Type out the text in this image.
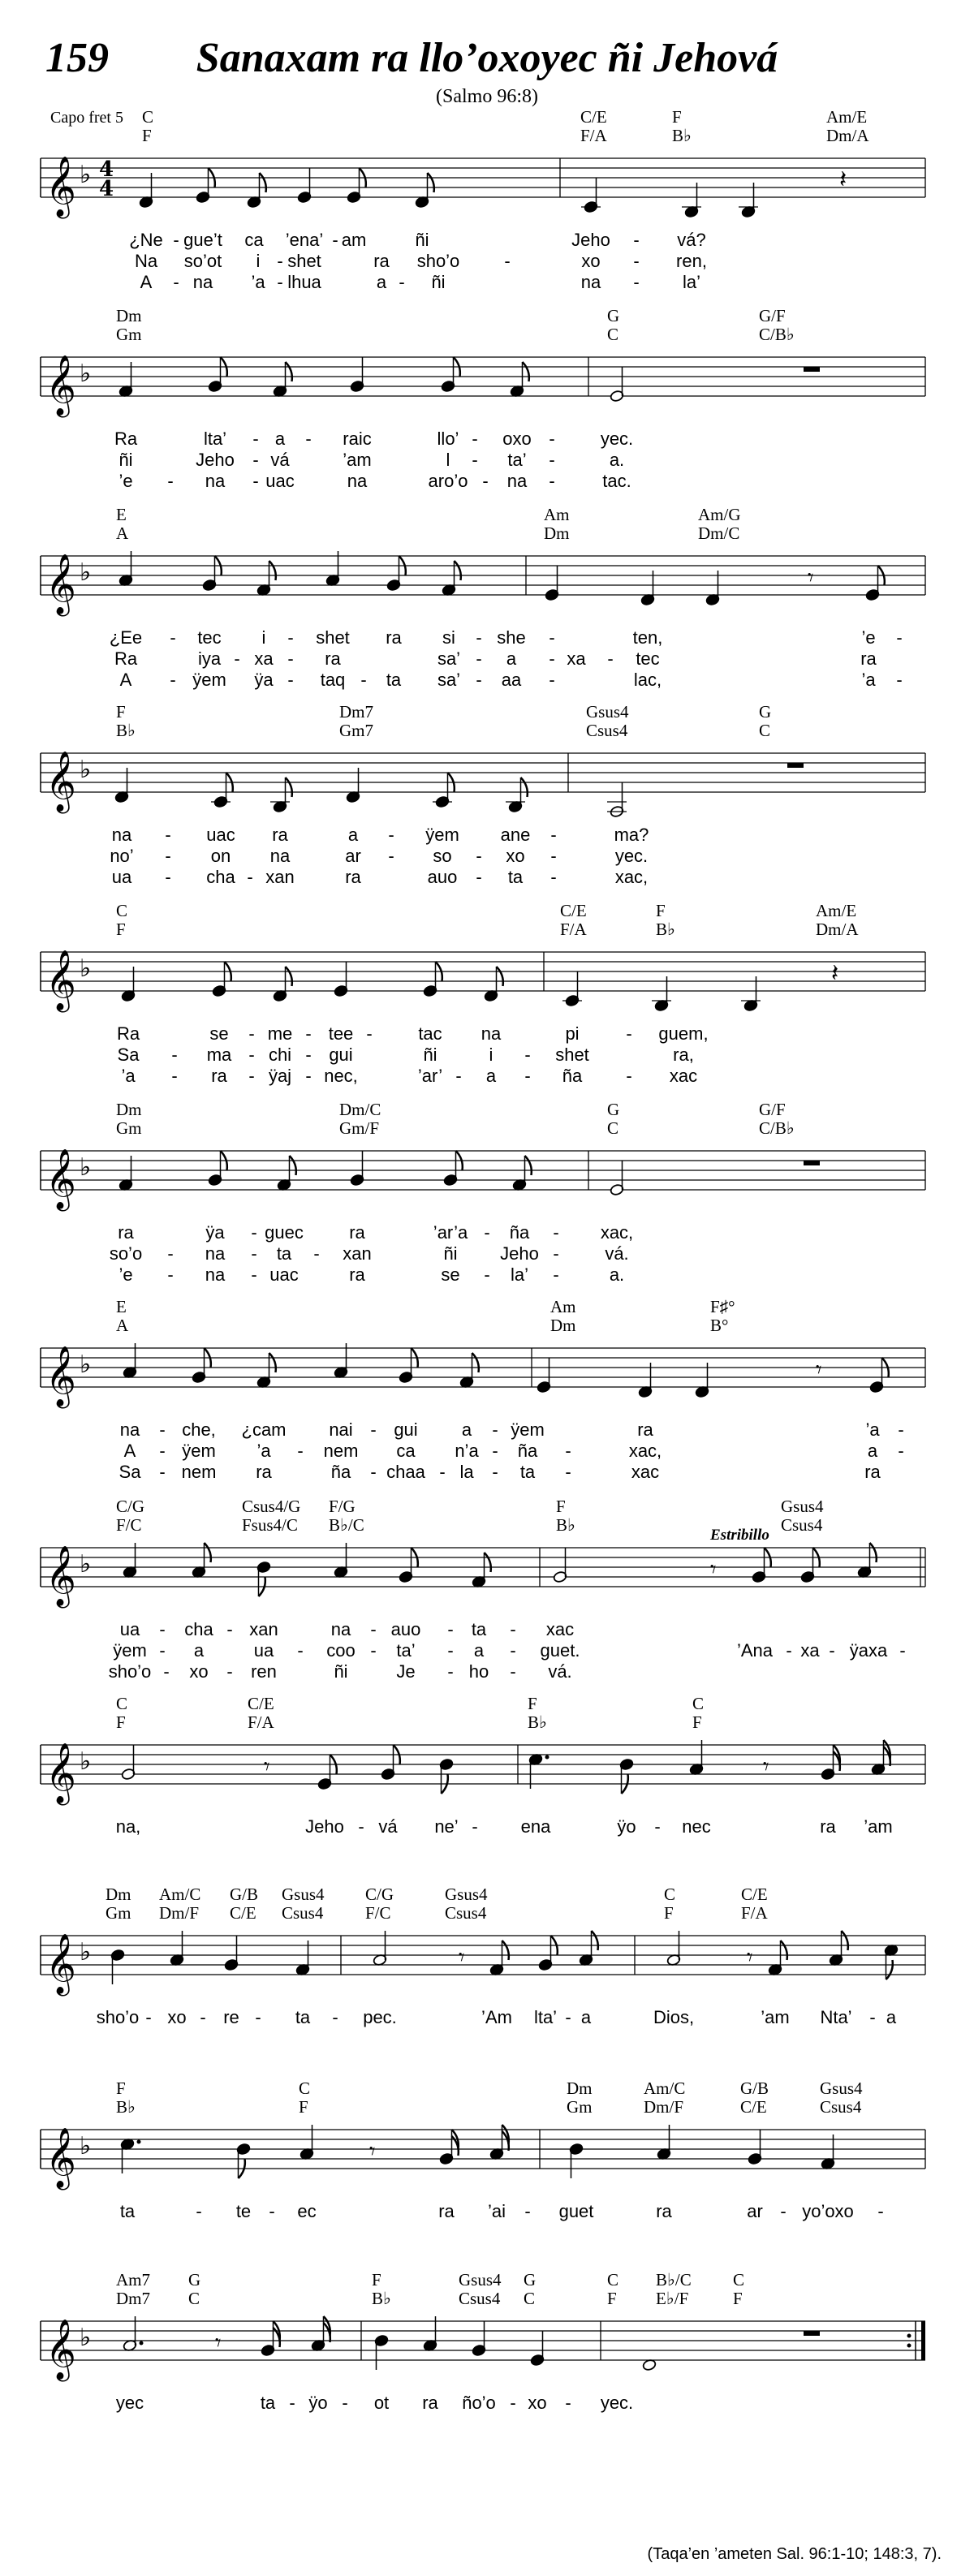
159	Sanaxam ra llo’oxoyec ñi Jehová
(Salmo 96:8)
Capo fret 5 C	C/E	F	Am/E
F	F/A	B♭	Dm/A
𝄞 ♭ 4
4	𝄽
¿Ne - gue’t ca ’ena’ - am	ñi	Jeho - vá?
Na so’ot i - shet	ra sho’o	-	xo - ren,
A - na ’a - lhua	a - ñi	na - la’
Dm	G	G/F
Gm	C	C/B♭
𝄞 ♭
Ra	lta’ - a - raic	llo’ - oxo -	yec.
ñi	Jeho - vá	’am	l - ta’ -	a.
’e - na - uac	na	aro’o - na -	tac.
E	Am	Am/G
A	Dm	Dm/C
𝄞 ♭	𝄾
¿Ee - tec i - shet ra si - she -	ten,	’e -
Ra	iya - xa - ra	sa’ - a - xa - tec	ra
A - ÿem ÿa - taq - ta sa’ - aa -	lac,	’a -
F	Dm7	Gsus4	G
B♭	Gm7	Csus4	C
𝄞 ♭
na - uac ra	a - ÿem ane -	ma?
no’ - on na	ar - so - xo -	yec.
ua - cha - xan	ra	auo - ta -	xac,
C	C/E	F	Am/E
F	F/A	B♭	Dm/A
𝄞 ♭	𝄽
Ra	se - me - tee -	tac na	pi	- guem,
Sa - ma - chi - gui	ñi	i - shet	ra,
’a - ra - ÿaj - nec,	’ar’ - a - ña - xac
Dm	Dm/C	G	G/F
Gm	Gm/F	C	C/B♭
𝄞 ♭
ra	ÿa - guec	ra	’ar’a - ña - xac,
so’o - na - ta - xan	ñi Jeho -	vá.
’e - na - uac	ra	se - la’ -	a.
E	Am	F♯°
A	Dm	B°
𝄞 ♭	𝄾
na - che, ¿cam nai - gui a - ÿem	ra	’a -
A - ÿem ’a - nem ca n’a - ña -	xac,	a -
Sa - nem ra	ña - chaa - la - ta -	xac	ra
C/G	Csus4/G F/G	F	Gsus4
F/C	Fsus4/C B♭/C	B♭	Csus4
Estribillo
𝄞 ♭	𝄾
ua - cha - xan	na - auo - ta - xac
ÿem - a	ua - coo - ta’ - a - guet.	’Ana - xa - ÿaxa -
sho’o - xo - ren	ñi	Je - ho - vá.
C	C/E	F	C
F	F/A	B♭	F
𝄞 ♭	𝄾	𝄾
na,	Jeho - vá ne’ - ena	ÿo - nec	ra ’am
Dm Am/C G/B Gsus4 C/G	Gsus4	C	C/E
Gm Dm/F C/E Csus4 F/C	Csus4	F	F/A
𝄞 ♭	𝄾	𝄾
sho’o - xo - re - ta - pec.	’Am lta’ - a	Dios,	’am Nta’ - a
F	C	Dm	Am/C	G/B	Gsus4
B♭	F	Gm	Dm/F	C/E	Csus4
𝄞 ♭	𝄾
ta	- te - ec	ra ’ai - guet	ra	ar - yo’oxo -
Am7 G	F	Gsus4 G	C B♭/C C
Dm7 C	B♭	Csus4 C	F E♭/F	F
𝄞 ♭	𝄾
yec	ta - ÿo - ot ra ño’o - xo - yec.
(Taqa’en ’ameten Sal. 96:1-10; 148:3, 7).
